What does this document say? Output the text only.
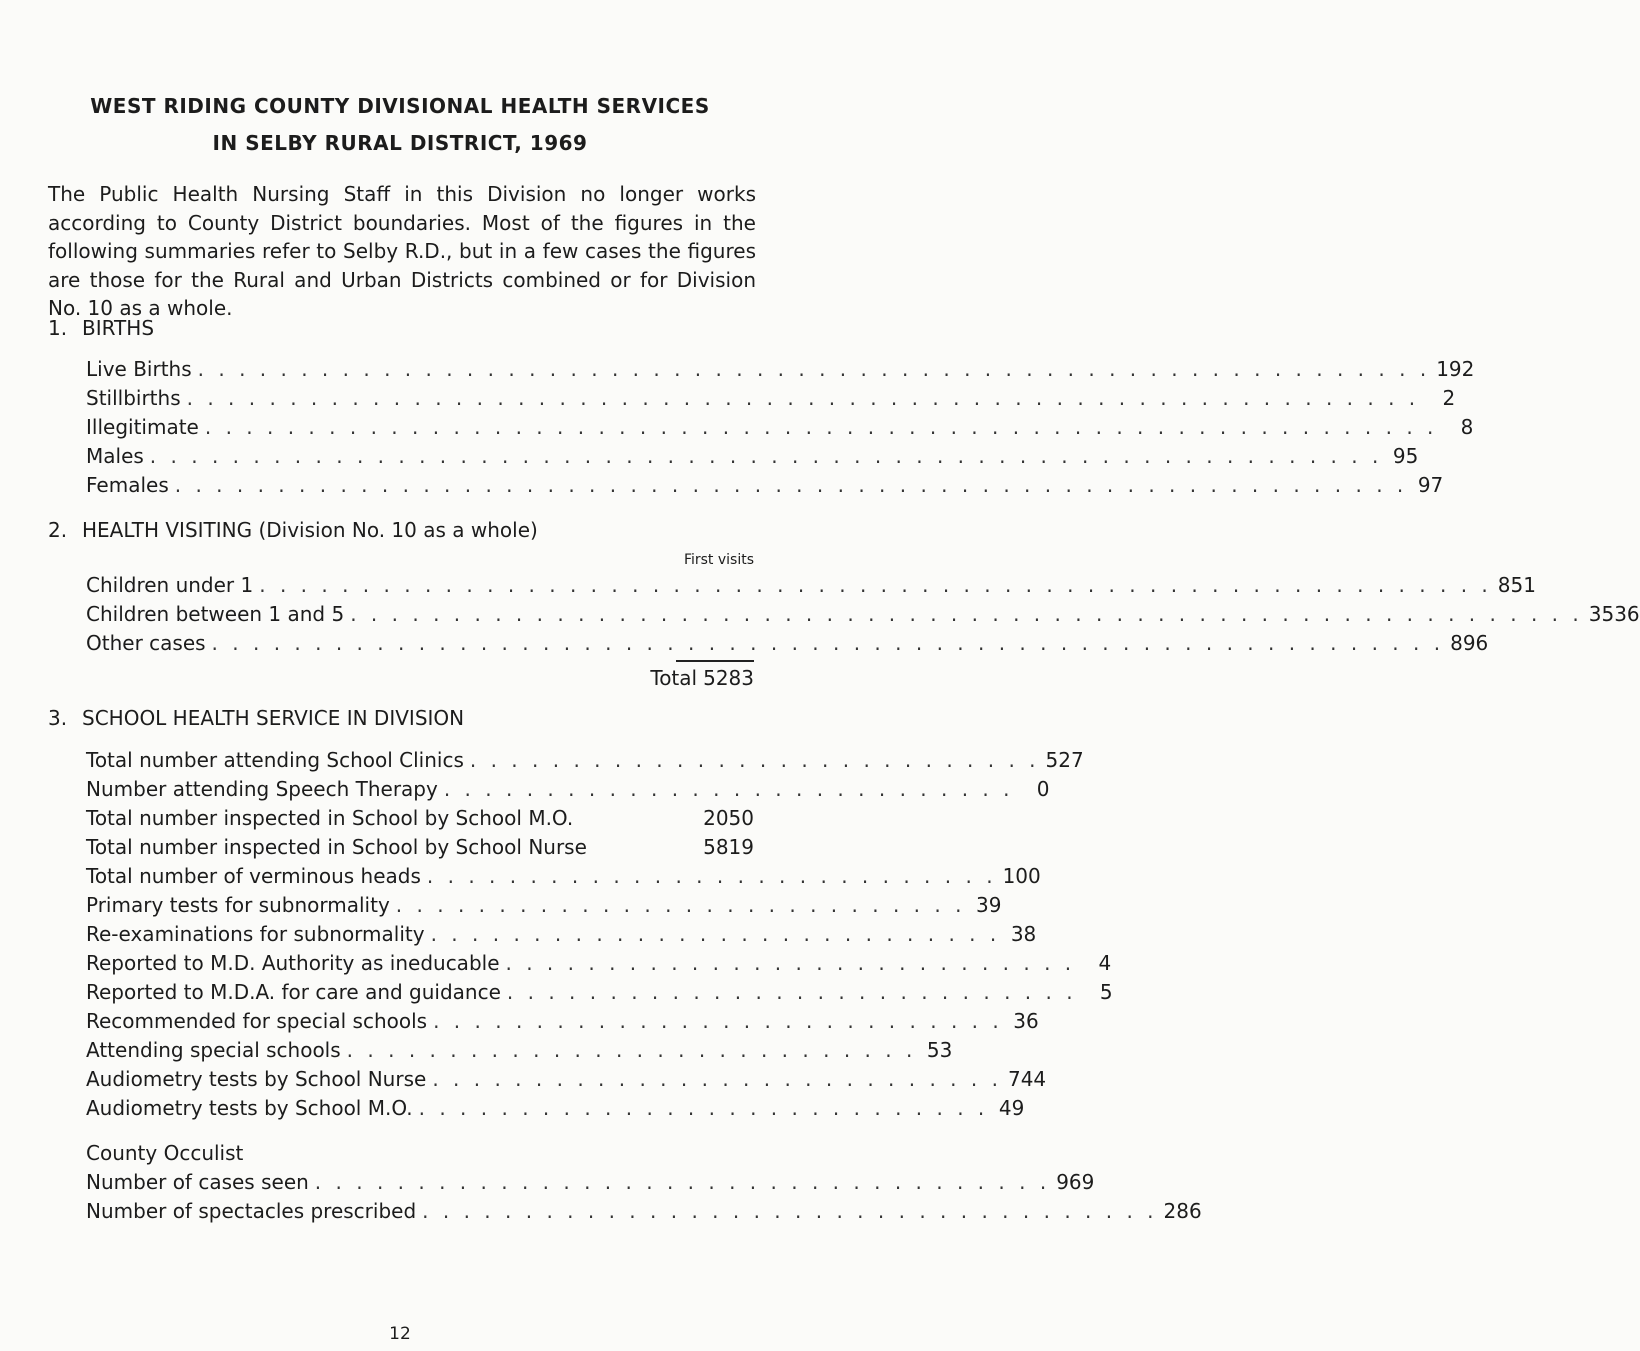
WEST RIDING COUNTY DIVISIONAL HEALTH SERVICES
IN SELBY RURAL DISTRICT, 1969
The Public Health Nursing Staff in this Division no longer works according to County District boundaries. Most of the figures in the following summaries refer to Selby R.D., but in a few cases the figures are those for the Rural and Urban Districts combined or for Division No. 10 as a whole.
1. BIRTHS
Live Births . . . . . . . . . . . . . . . . . . . . . . . . . . . . . . . . . . . . . . . . . . . . . . . . . . . . . . . . . . . . 192
Stillbirths . . . . . . . . . . . . . . . . . . . . . . . . . . . . . . . . . . . . . . . . . . . . . . . . . . . . . . . . . . . .	2
Illegitimate . . . . . . . . . . . . . . . . . . . . . . . . . . . . . . . . . . . . . . . . . . . . . . . . . . . . . . . . . . . .	8
Males . . . . . . . . . . . . . . . . . . . . . . . . . . . . . . . . . . . . . . . . . . . . . . . . . . . . . . . . . . . . 95
Females . . . . . . . . . . . . . . . . . . . . . . . . . . . . . . . . . . . . . . . . . . . . . . . . . . . . . . . . . . . . 97
2. HEALTH VISITING (Division No. 10 as a whole)
First visits
Children under 1 . . . . . . . . . . . . . . . . . . . . . . . . . . . . . . . . . . . . . . . . . . . . . . . . . . . . . . . . . . . . 851
Children between 1 and 5 . . . . . . . . . . . . . . . . . . . . . . . . . . . . . . . . . . . . . . . . . . . . . . . . . . . . . . . . . . . . 3536
Other cases . . . . . . . . . . . . . . . . . . . . . . . . . . . . . . . . . . . . . . . . . . . . . . . . . . . . . . . . . . . . 896
Total 5283
3. SCHOOL HEALTH SERVICE IN DIVISION
Total number attending School Clinics . . . . . . . . . . . . . . . . . . . . . . . . . . . . 527
Number attending Speech Therapy . . . . . . . . . . . . . . . . . . . . . . . . . . . .	0
Total number inspected in School by School M.O.	2050
Total number inspected in School by School Nurse	5819
Total number of verminous heads . . . . . . . . . . . . . . . . . . . . . . . . . . . . 100
Primary tests for subnormality . . . . . . . . . . . . . . . . . . . . . . . . . . . . 39
Re-examinations for subnormality . . . . . . . . . . . . . . . . . . . . . . . . . . . . 38
Reported to M.D. Authority as ineducable . . . . . . . . . . . . . . . . . . . . . . . . . . . .	4
Reported to M.D.A. for care and guidance . . . . . . . . . . . . . . . . . . . . . . . . . . . .	5
Recommended for special schools . . . . . . . . . . . . . . . . . . . . . . . . . . . . 36
Attending special schools . . . . . . . . . . . . . . . . . . . . . . . . . . . . 53
Audiometry tests by School Nurse . . . . . . . . . . . . . . . . . . . . . . . . . . . . 744
Audiometry tests by School M.O. . . . . . . . . . . . . . . . . . . . . . . . . . . . . 49
County Occulist
Number of cases seen . . . . . . . . . . . . . . . . . . . . . . . . . . . . . . . . . . . . 969
Number of spectacles prescribed . . . . . . . . . . . . . . . . . . . . . . . . . . . . . . . . . . . . 286
12
